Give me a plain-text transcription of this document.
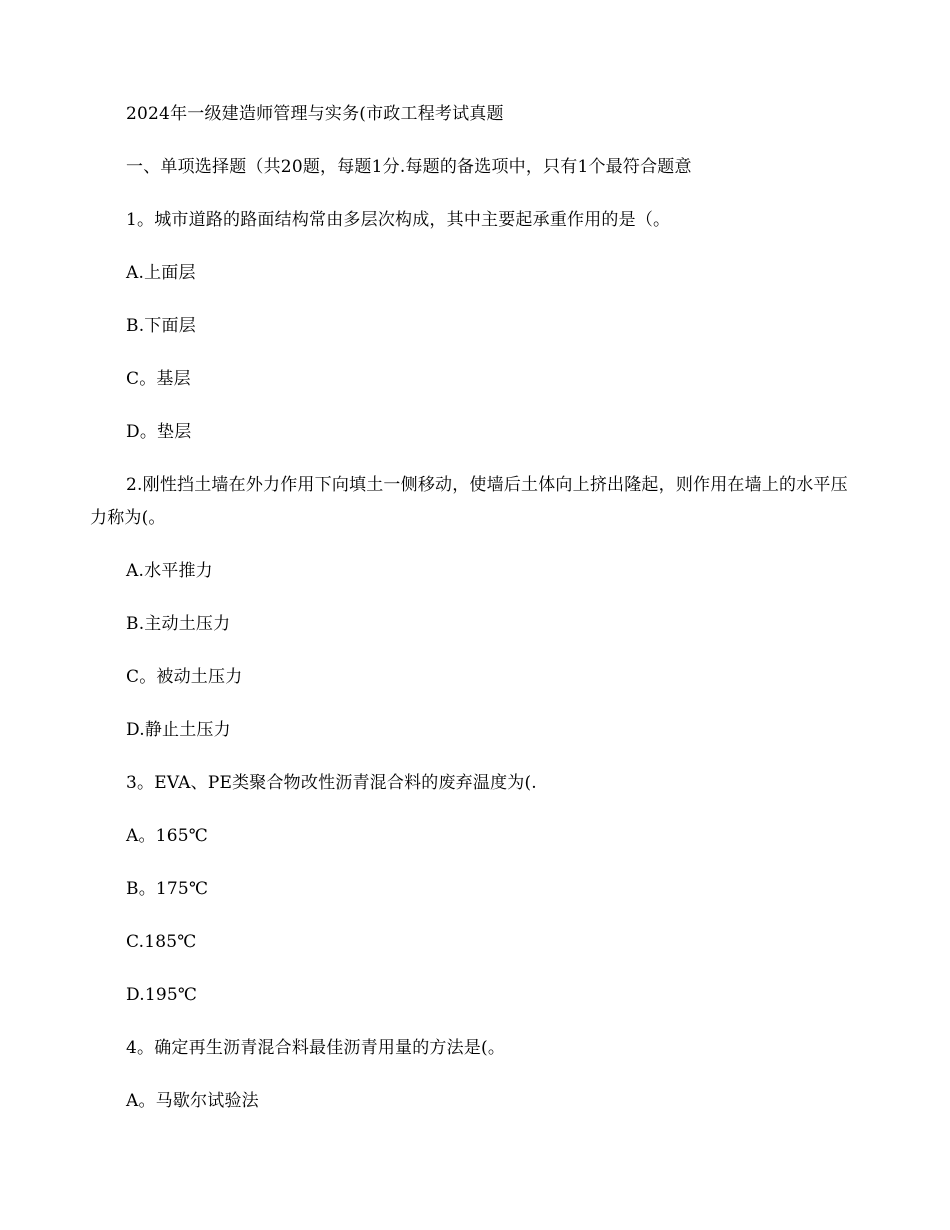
2024年一级建造师管理与实务(市政工程考试真题

一、单项选择题（共20题，每题1分.每题的备选项中，只有1个最符合题意

1。城市道路的路面结构常由多层次构成，其中主要起承重作用的是（。

A.上面层

B.下面层

C。基层

D。垫层

2.刚性挡土墙在外力作用下向填土一侧移动，使墙后土体向上挤出隆起，则作用在墙上的水平压力称为(。

A.水平推力

B.主动土压力

C。被动土压力

D.静止土压力

3。EVA、PE类聚合物改性沥青混合料的废弃温度为(.

A。165℃

B。175℃

C.185℃

D.195℃

4。确定再生沥青混合料最佳沥青用量的方法是(。

A。马歇尔试验法
